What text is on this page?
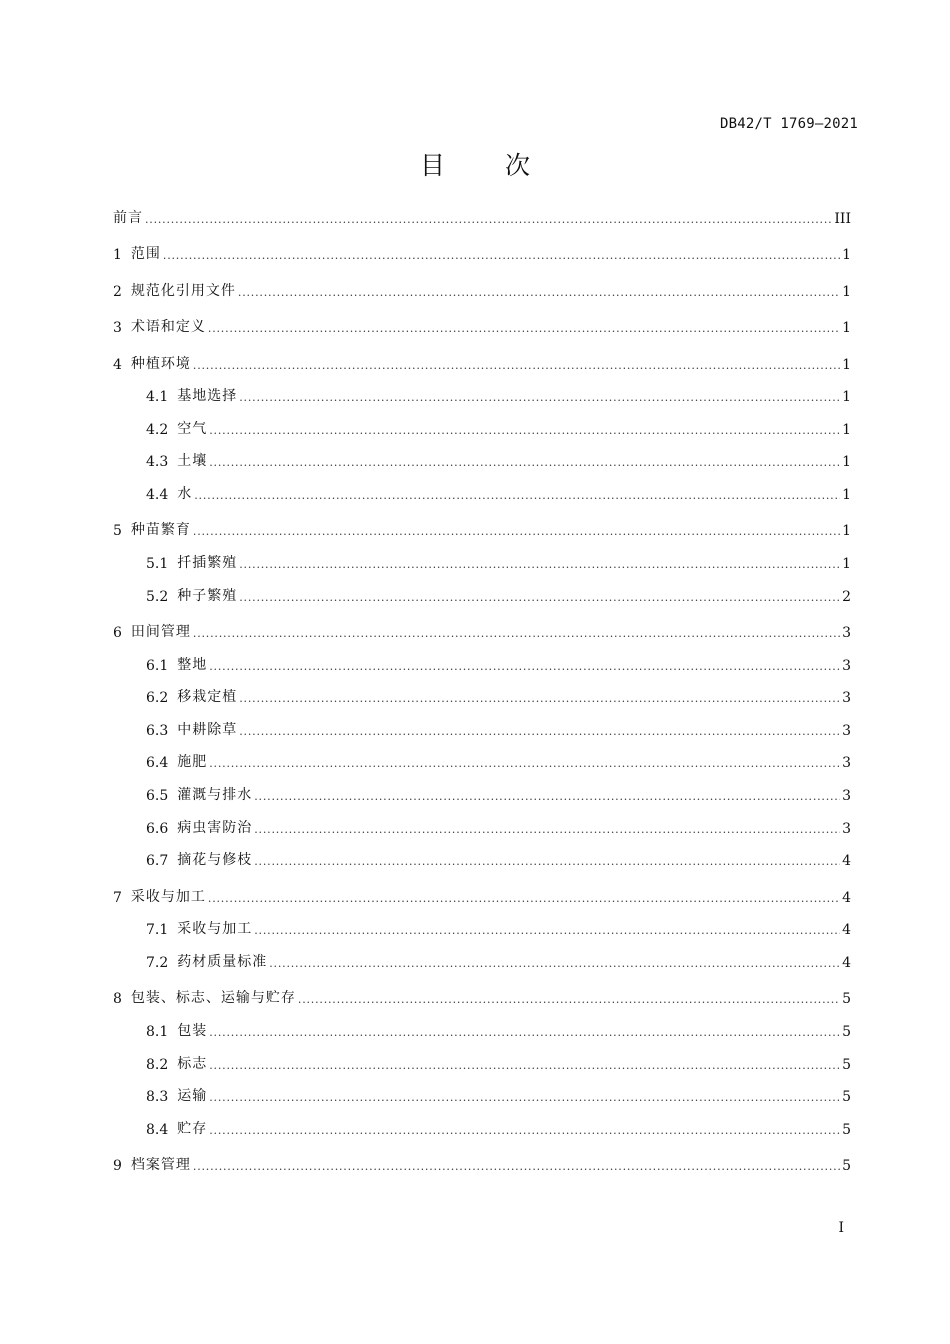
DB42/T 1769—2021
目 次
前言 .....	III
1 范围 .....	1
2 规范化引用文件 .....	1
3 术语和定义 .....	1
4 种植环境 .....	1
4.1 基地选择 .....	1
4.2 空气 .....	1
4.3 土壤 .....	1
4.4 水 .....	1
5 种苗繁育 .....	1
5.1 扦插繁殖 .....	1
5.2 种子繁殖 .....	2
6 田间管理 .....	3
6.1 整地 .....	3
6.2 移栽定植 .....	3
6.3 中耕除草 .....	3
6.4 施肥 .....	3
6.5 灌溉与排水 .....	3
6.6 病虫害防治 .....	3
6.7 摘花与修枝 .....	4
7 采收与加工 .....	4
7.1 采收与加工 .....	4
7.2 药材质量标准 .....	4
8 包装、标志、运输与贮存 .....	5
8.1 包装 .....	5
8.2 标志 .....	5
8.3 运输 .....	5
8.4 贮存 .....	5
9 档案管理 .....	5
I
